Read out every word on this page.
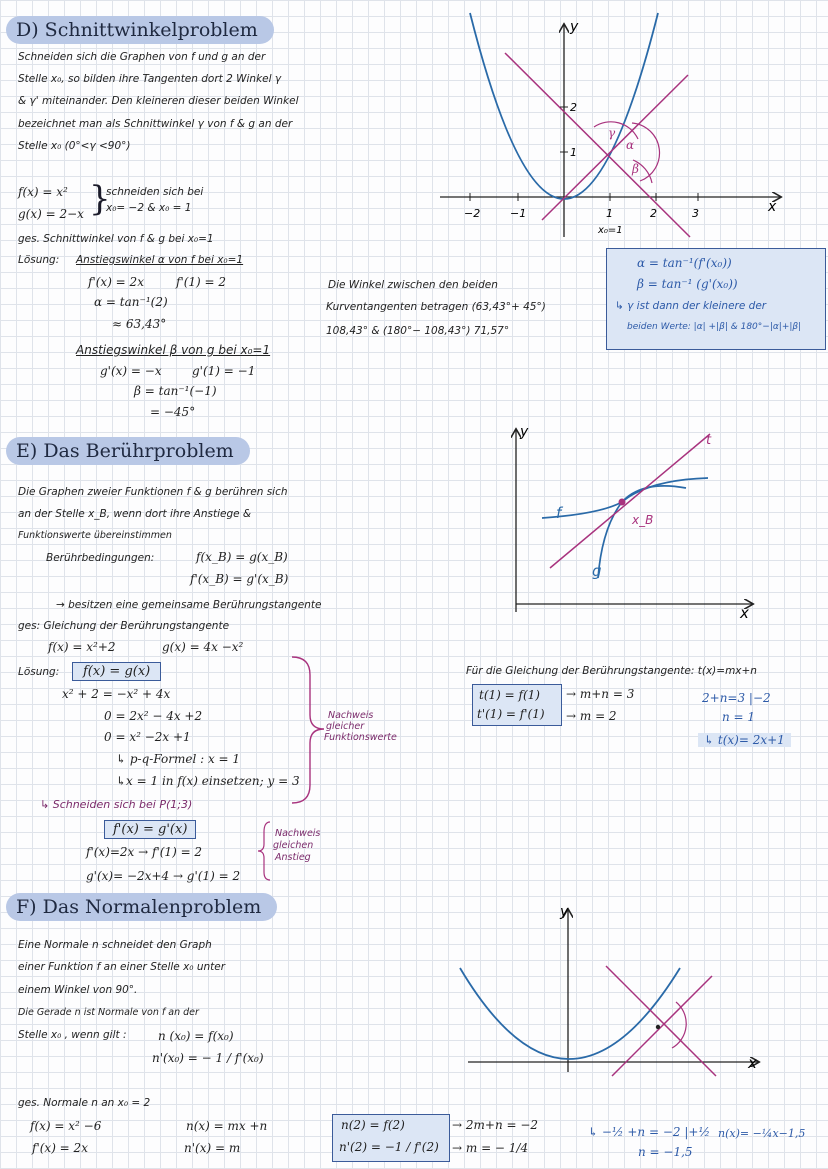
D) Schnittwinkelproblem
Schneiden sich die Graphen von f und g an der
Stelle x₀, so bilden ihre Tangenten dort 2 Winkel γ
& γ' miteinander. Den kleineren dieser beiden Winkel
bezeichnet man als Schnittwinkel γ von f & g an der
Stelle x₀ (0°<γ <90°)
f(x) = x²
g(x) = 2−x }
schneiden sich bei
x₀= −2 & x₀ = 1
ges. Schnittwinkel von f & g bei x₀=1
Lösung: Anstiegswinkel α von f bei x₀=1
f'(x) = 2x	f'(1) = 2
α = tan⁻¹(2)
≈ 63,43°
Anstiegswinkel β von g bei x₀=1
g'(x) = −x	g'(1) = −1
β = tan⁻¹(−1)
= −45°
Die Winkel zwischen den beiden
Kurventangenten betragen (63,43°+ 45°)
108,43° & (180°− 108,43°) 71,57°
α = tan⁻¹(f'(x₀))
β = tan⁻¹ (g'(x₀))
↳ γ ist dann der kleinere der
beiden Werte: |α| +|β| & 180°−|α|+|β|
−2	−1	1	2	3
2
1
x₀=1
x
y
γ
α
β
E) Das Berührproblem
Die Graphen zweier Funktionen f & g berühren sich
an der Stelle x_B, wenn dort ihre Anstiege &
Funktionswerte übereinstimmen
Berührbedingungen:	f(x_B) = g(x_B)
f'(x_B) = g'(x_B)
→ besitzen eine gemeinsame Berührungstangente
ges: Gleichung der Berührungstangente
f(x) = x²+2	g(x) = 4x −x²
Lösung:	f(x) = g(x)
x² + 2 = −x² + 4x
0 = 2x² − 4x +2
0 = x² −2x +1
↳ p-q-Formel : x = 1
↳x = 1 in f(x) einsetzen; y = 3
↳ Schneiden sich bei P(1;3)
Nachweis
gleicher
Funktionswerte
f'(x) = g'(x)
f'(x)=2x → f'(1) = 2
g'(x)= −2x+4 → g'(1) = 2
Nachweis
gleichen
Anstieg
Für die Gleichung der Berührungstangente: t(x)=mx+n
t(1) = f(1)
t'(1) = f'(1)
→ m+n = 3
→ m = 2
2+n=3 |−2
n = 1
↳ t(x)= 2x+1
f
g
t
x_B
x
y
F) Das Normalenproblem
Eine Normale n schneidet den Graph
einer Funktion f an einer Stelle x₀ unter
einem Winkel von 90°.
Die Gerade n ist Normale von f an der
Stelle x₀ , wenn gilt :	n (x₀) = f(x₀)
n'(x₀) = − 1 / f'(x₀)
ges. Normale n an x₀ = 2
f(x) = x² −6
f'(x) = 2x
n(x) = mx +n
n'(x) = m
n(2) = f(2)
n'(2) = −1 / f'(2)
→ 2m+n = −2
→ m = − 1/4
↳ −½ +n = −2 |+½
n = −1,5
n(x)= −¼x−1,5
x
y
